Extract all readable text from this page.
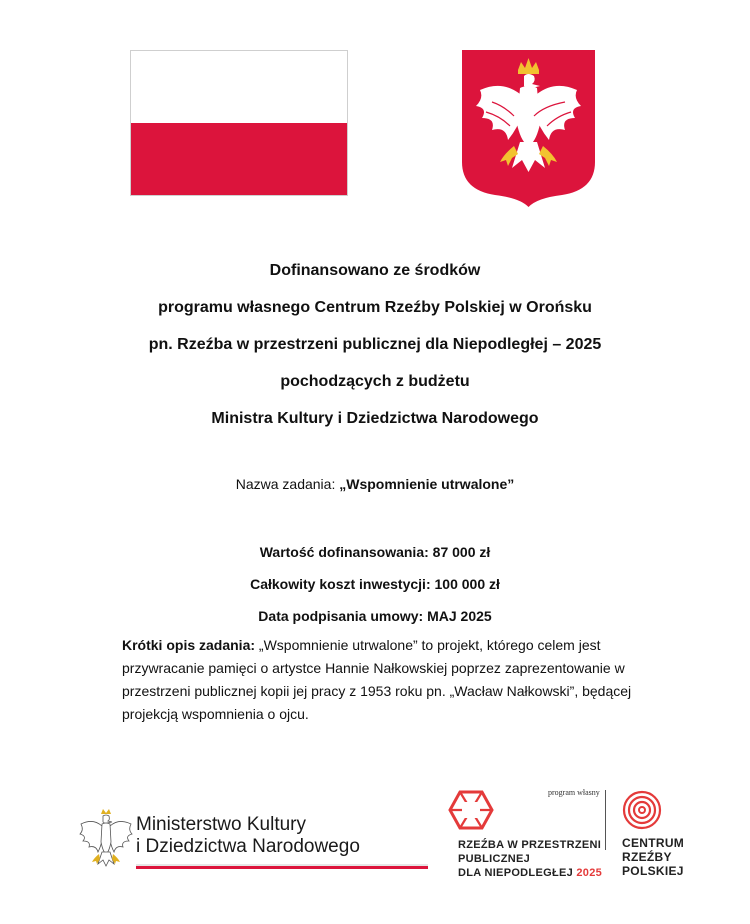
Dofinansowano ze środków
programu własnego Centrum Rzeźby Polskiej w Orońsku
pn. Rzeźba w przestrzeni publicznej dla Niepodległej – 2025
pochodzących z budżetu
Ministra Kultury i Dziedzictwa Narodowego
Nazwa zadania: „Wspomnienie utrwalone”
Wartość dofinansowania: 87 000 zł
Całkowity koszt inwestycji: 100 000 zł
Data podpisania umowy: MAJ 2025
Krótki opis zadania: „Wspomnienie utrwalone” to projekt, którego celem jest przywracanie pamięci o artystce Hannie Nałkowskiej poprzez zaprezentowanie w przestrzeni publicznej kopii jej pracy z 1953 roku pn. „Wacław Nałkowski”, będącej projekcją wspomnienia o ojcu.
Ministerstwo Kultury
i Dziedzictwa Narodowego
program własny
RZEŹBA W PRZESTRZENI
PUBLICZNEJ
DLA NIEPODLEGŁEJ 2025
CENTRUM
RZEŹBY
POLSKIEJ
